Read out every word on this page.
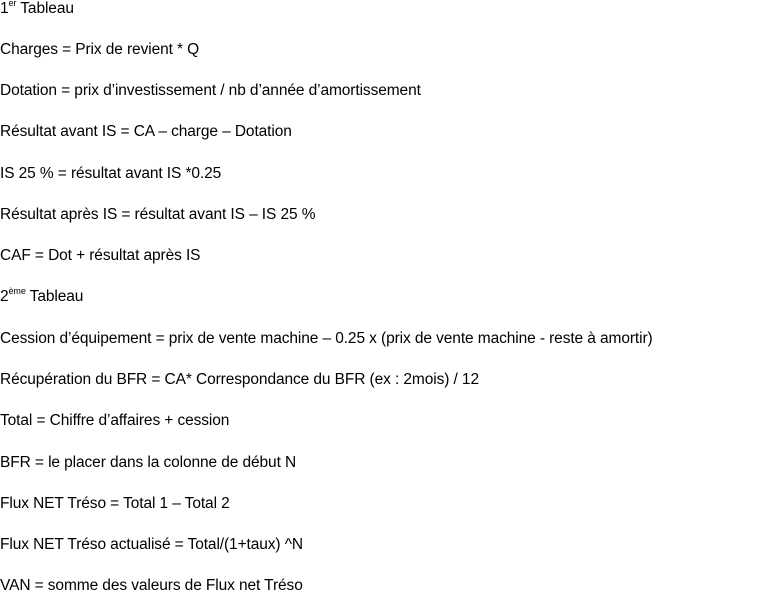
1er Tableau

Charges = Prix de revient * Q

Dotation = prix d’investissement / nb d’année d’amortissement

Résultat avant IS = CA – charge – Dotation

IS 25 % = résultat avant IS *0.25

Résultat après IS = résultat avant IS – IS 25 %

CAF = Dot + résultat après IS

2ème Tableau

Cession d’équipement = prix de vente machine – 0.25 x (prix de vente machine - reste à amortir)

Récupération du BFR = CA* Correspondance du BFR (ex : 2mois) / 12

Total = Chiffre d’affaires + cession

BFR = le placer dans la colonne de début N

Flux NET Tréso = Total 1 – Total 2

Flux NET Tréso actualisé = Total/(1+taux) ^N

VAN = somme des valeurs de Flux net Tréso
